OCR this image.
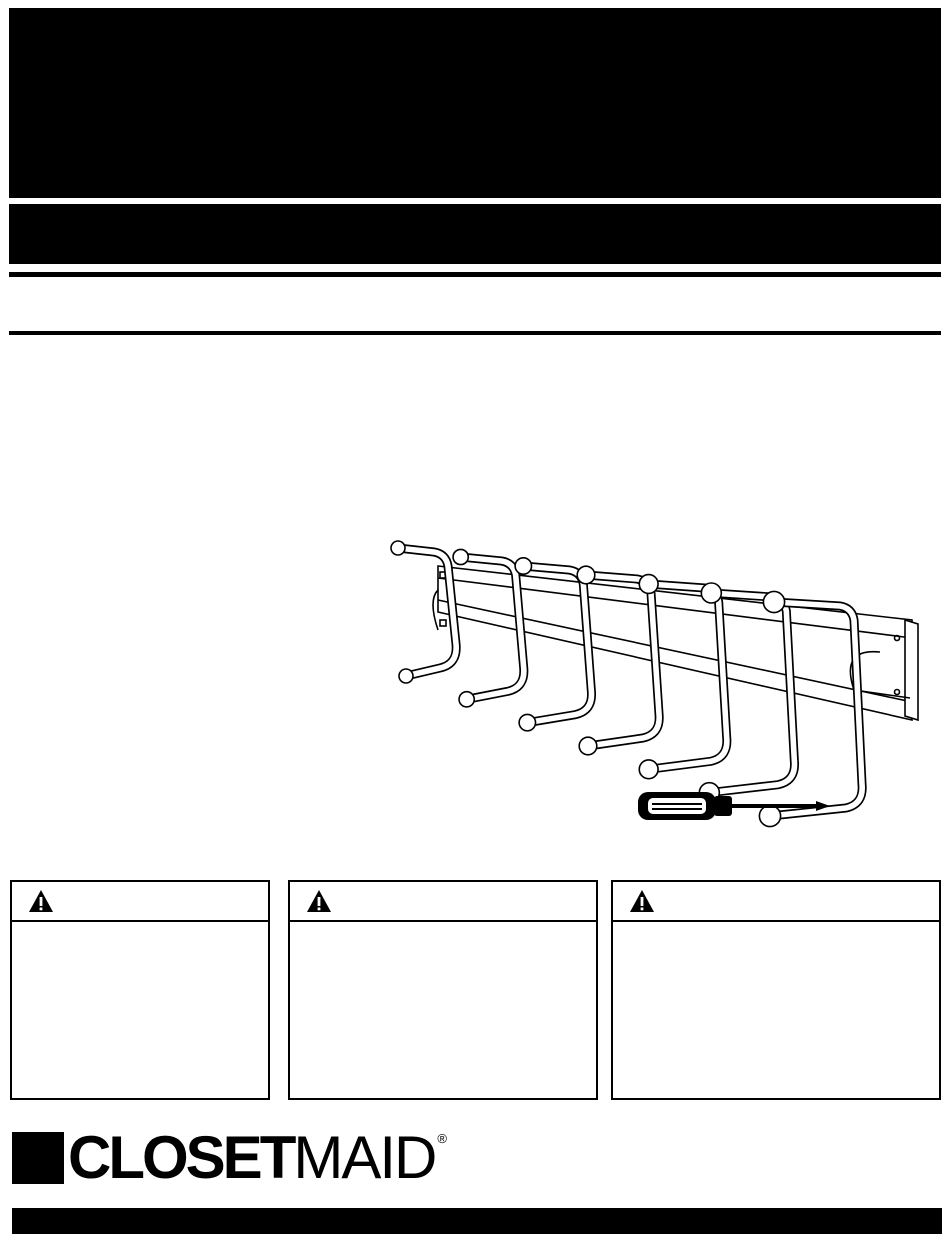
CLOSET MAID ®
